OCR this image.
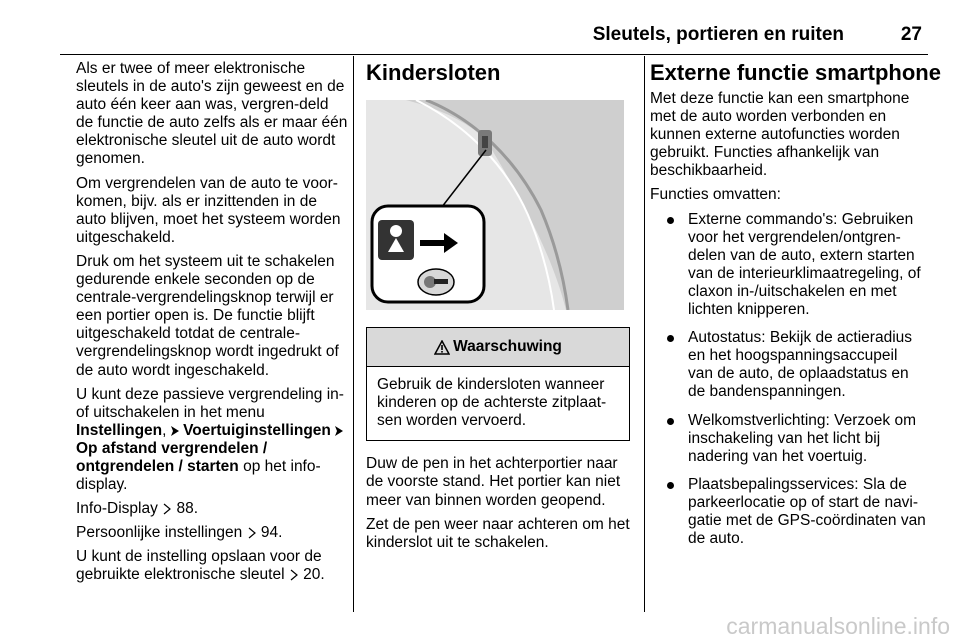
Sleutels, portieren en ruiten	27

Als er twee of meer elektronische sleutels in de auto's zijn geweest en de auto één keer aan was, vergren-deld de functie de auto zelfs als er maar één elektronische sleutel uit de auto wordt genomen.

Om vergrendelen van de auto te voor-komen, bijv. als er inzittenden in de auto blijven, moet het systeem worden uitgeschakeld.

Druk om het systeem uit te schakelen gedurende enkele seconden op de centrale-vergrendelingsknop terwijl er een portier open is. De functie blijft uitgeschakeld totdat de centrale-vergrendelingsknop wordt ingedrukt of de auto wordt ingeschakeld.

U kunt deze passieve vergrendeling in- of uitschakelen in het menu Instellingen, Voertuiginstellingen  Op afstand vergrendelen / ontgrendelen / starten op het info-display.

Info-Display 88.

Persoonlijke instellingen 94.

U kunt de instelling opslaan voor de gebruikte elektronische sleutel 20.

Kindersloten
Waarschuwing
Gebruik de kindersloten wanneer kinderen op de achterste zitplaat-sen worden vervoerd.

Duw de pen in het achterportier naar de voorste stand. Het portier kan niet meer van binnen worden geopend.

Zet de pen weer naar achteren om het kinderslot uit te schakelen.

Externe functie smartphone

Met deze functie kan een smartphone met de auto worden verbonden en kunnen externe autofuncties worden gebruikt. Functies afhankelijk van beschikbaarheid.

Functies omvatten:

Externe commando's: Gebruiken voor het vergrendelen/ontgren-delen van de auto, extern starten van de interieurklimaatregeling, of claxon in-/uitschakelen en met lichten knipperen.
Autostatus: Bekijk de actieradius en het hoogspanningsaccupeil van de auto, de oplaadstatus en de bandenspanningen.
Welkomstverlichting: Verzoek om inschakeling van het licht bij nadering van het voertuig.
Plaatsbepalingsservices: Sla de parkeerlocatie op of start de navi-gatie met de GPS-coördinaten van de auto.
carmanualsonline.info
